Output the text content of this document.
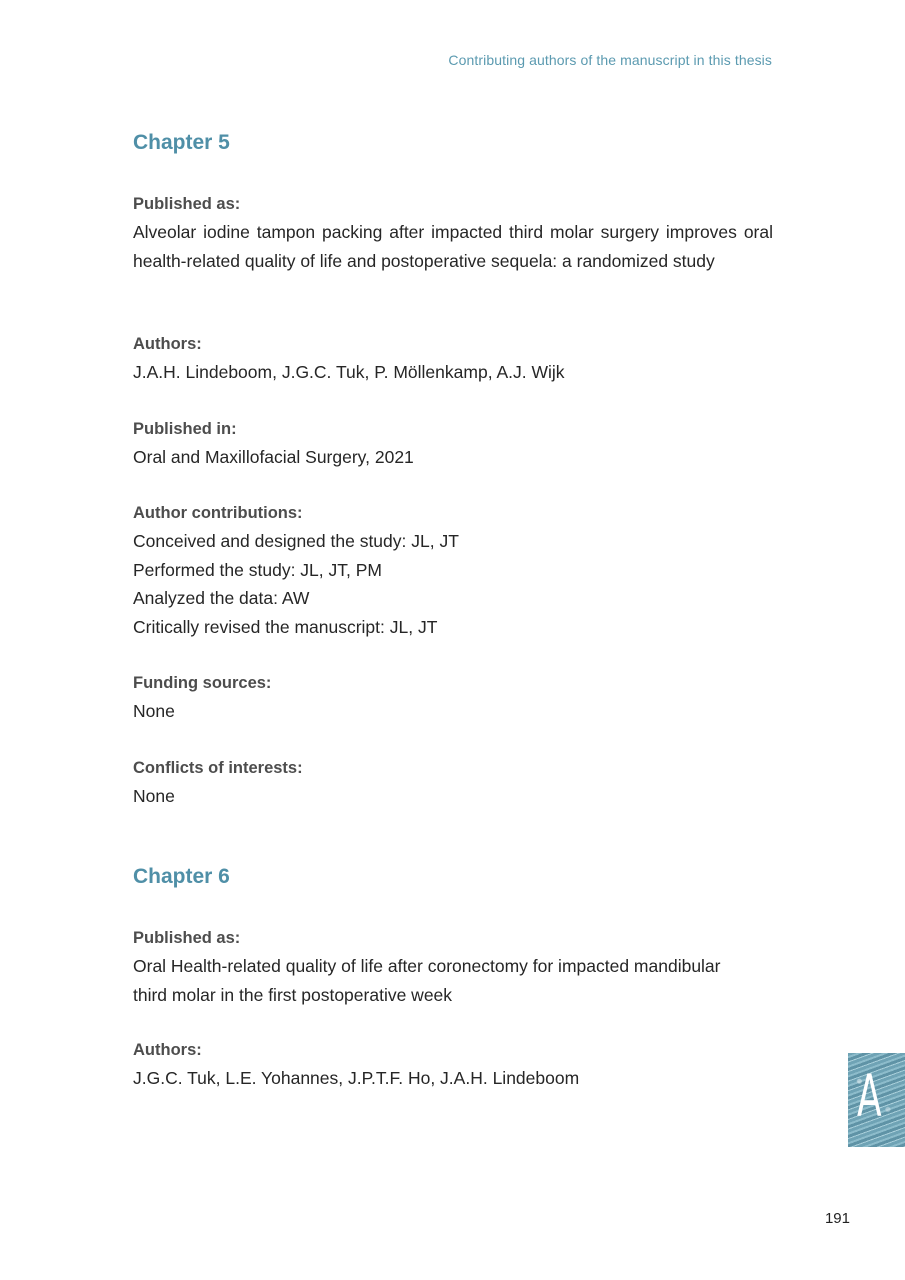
Contributing authors of the manuscript in this thesis
Chapter 5

Published as:

Alveolar iodine tampon packing after impacted third molar surgery improves oral health-related quality of life and postoperative sequela: a randomized study

Authors:

J.A.H. Lindeboom, J.G.C. Tuk, P. Möllenkamp, A.J. Wijk

Published in:

Oral and Maxillofacial Surgery, 2021

Author contributions:

Conceived and designed the study: JL, JT

Performed the study: JL, JT, PM

Analyzed the data: AW

Critically revised the manuscript: JL, JT

Funding sources:

None

Conflicts of interests:

None

Chapter 6

Published as:

Oral Health-related quality of life after coronectomy for impacted mandibular

third molar in the first postoperative week

Authors:

J.G.C. Tuk, L.E. Yohannes, J.P.T.F. Ho, J.A.H. Lindeboom	A
191
